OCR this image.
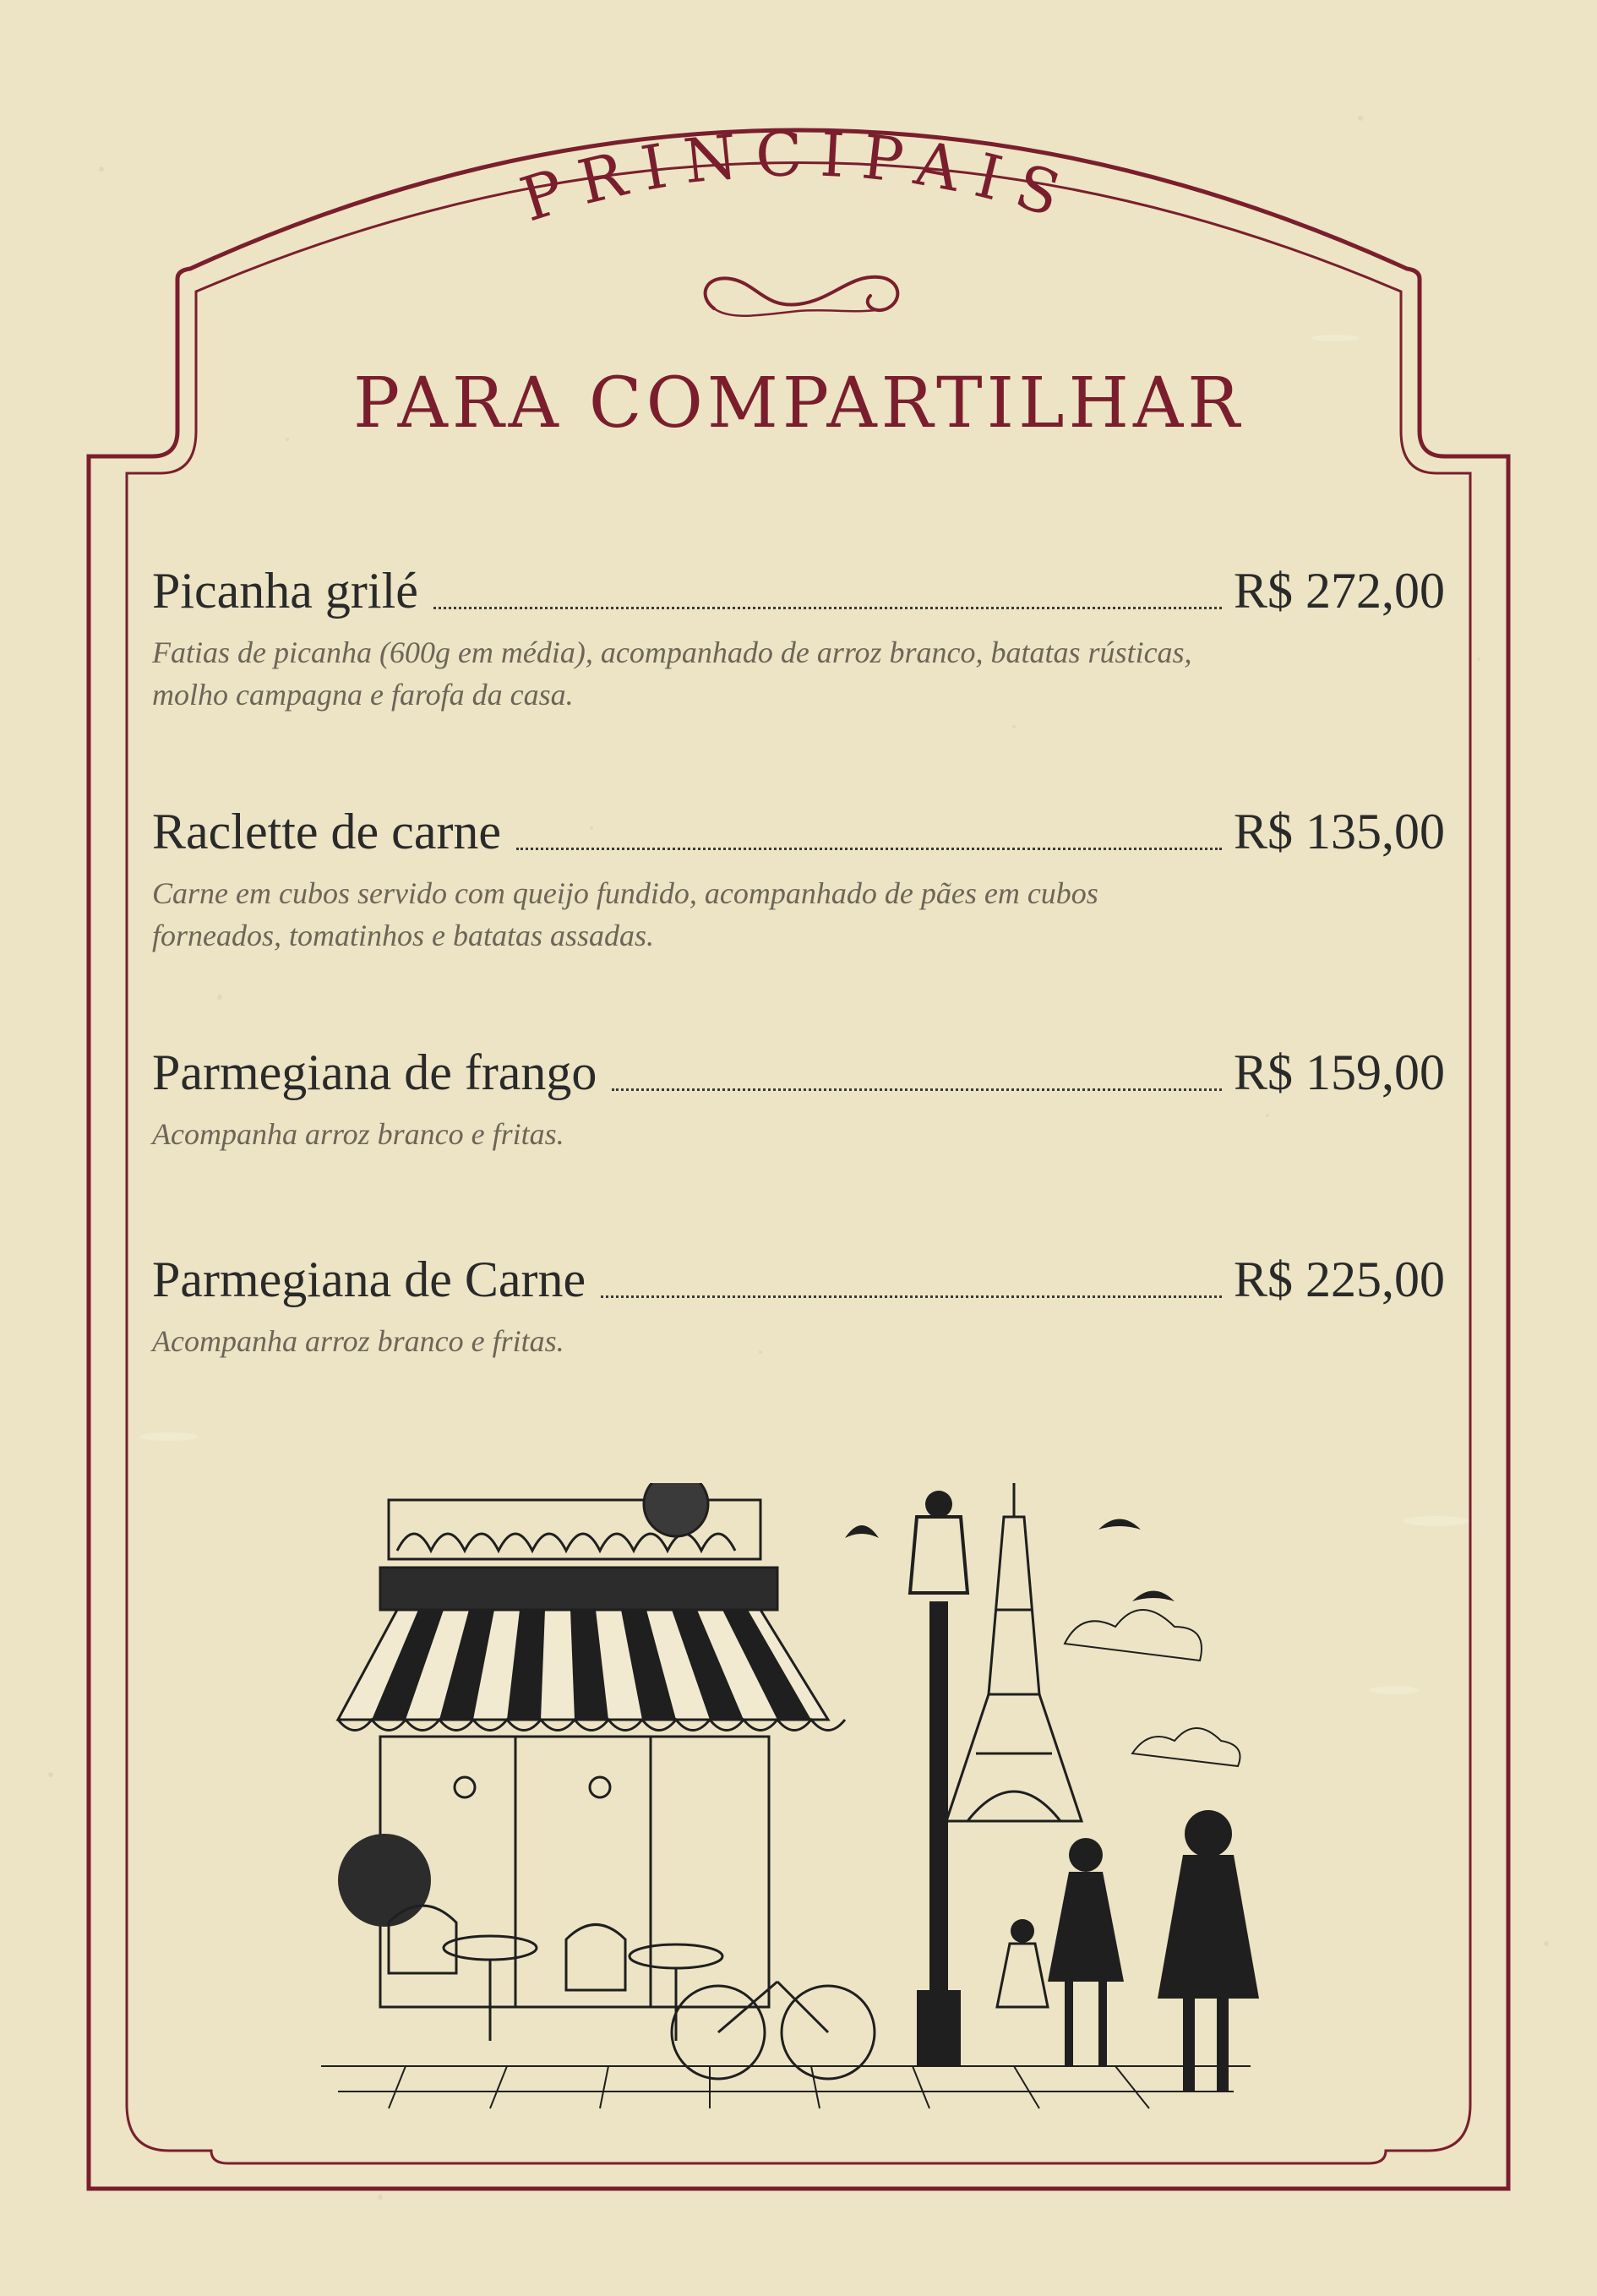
PRINCIPAIS
PARA COMPARTILHAR
Picanha grilé	R$ 272,00
Fatias de picanha (600g em média), acompanhado de arroz branco, batatas rústicas,
molho campagna e farofa da casa.
Raclette de carne	R$ 135,00
Carne em cubos servido com queijo fundido, acompanhado de pães em cubos
forneados, tomatinhos e batatas assadas.
Parmegiana de frango	R$ 159,00
Acompanha arroz branco e fritas.
Parmegiana de Carne	R$ 225,00
Acompanha arroz branco e fritas.
